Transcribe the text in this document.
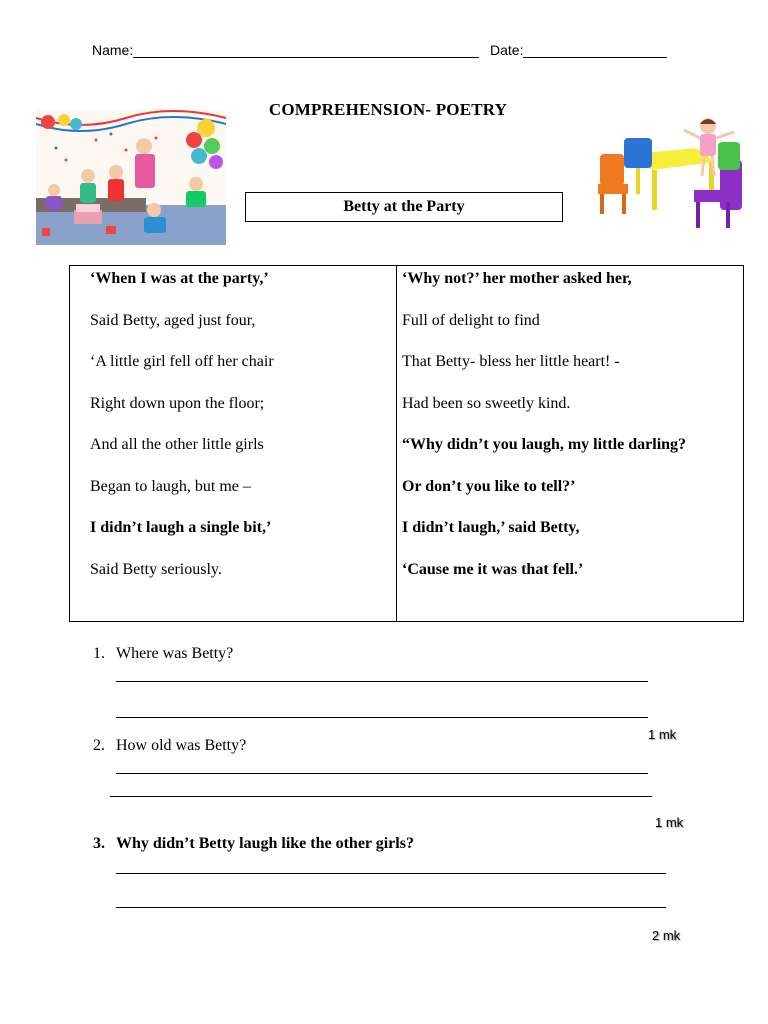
Name:	Date:
COMPREHENSION- POETRY
Betty at the Party
‘When I was at the party,’
Said Betty, aged just four,
‘A little girl fell off her chair
Right down upon the floor;
And all the other little girls
Began to laugh, but me –
I didn’t laugh a single bit,’
Said Betty seriously.
‘Why not?’ her mother asked her,
Full of delight to find
That Betty- bless her little heart! -
Had been so sweetly kind.
“Why didn’t you laugh, my little darling?
Or don’t you like to tell?’
I didn’t laugh,’ said Betty,
‘Cause me it was that fell.’
1. Where was Betty?
1 mk
2. How old was Betty?
1 mk
3. Why didn’t Betty laugh like the other girls?
2 mk
